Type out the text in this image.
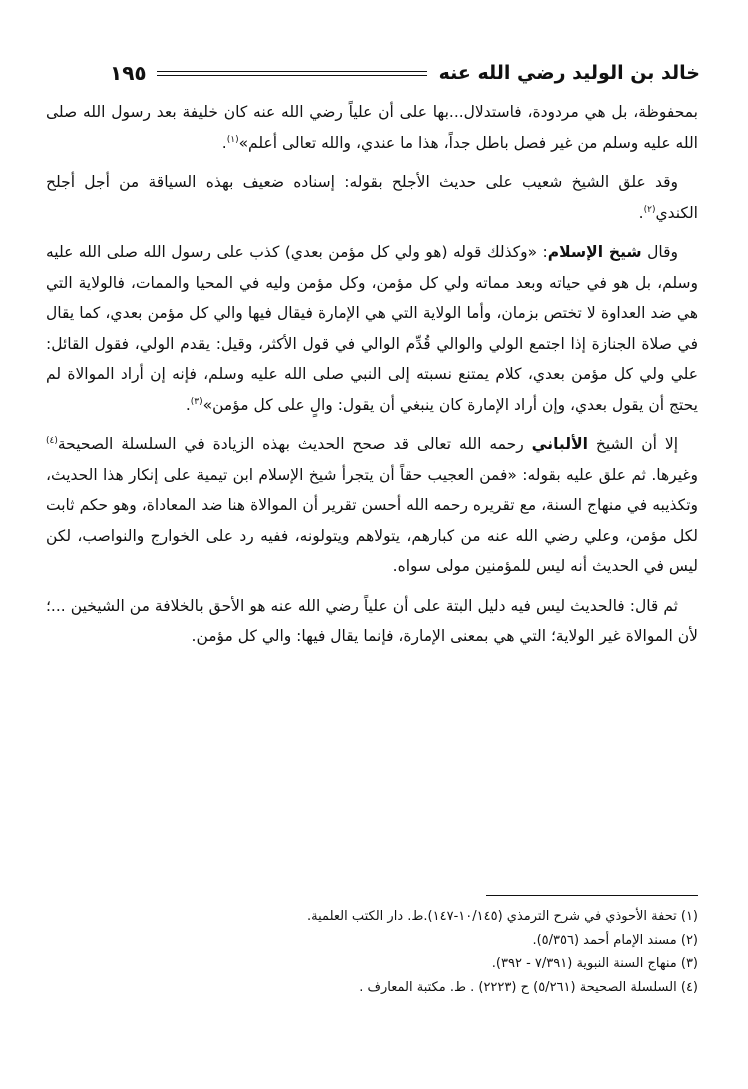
خالد بن الوليد رضي الله عنه
١٩٥

بمحفوظة، بل هي مردودة، فاستدلال...بها على أن علياً رضي الله عنه كان خليفة بعد رسول الله صلى الله عليه وسلم من غير فصل باطل جداً، هذا ما عندي، والله تعالى أعلم»$^{(١)}$.

وقد علق الشيخ شعيب على حديث الأجلح بقوله: إسناده ضعيف بهذه السياقة من أجل أجلح الكندي$^{(٢)}$.

وقال شيخ الإسلام: «وكذلك قوله (هو ولي كل مؤمن بعدي) كذب على رسول الله صلى الله عليه وسلم، بل هو في حياته وبعد مماته ولي كل مؤمن، وكل مؤمن وليه في المحيا والممات، فالولاية التي هي ضد العداوة لا تختص بزمان، وأما الولاية التي هي الإمارة فيقال فيها والي كل مؤمن بعدي، كما يقال في صلاة الجنازة إذا اجتمع الولي والوالي قُدِّم الوالي في قول الأكثر، وقيل: يقدم الولي، فقول القائل: علي ولي كل مؤمن بعدي، كلام يمتنع نسبته إلى النبي صلى الله عليه وسلم، فإنه إن أراد الموالاة لم يحتج أن يقول بعدي، وإن أراد الإمارة كان ينبغي أن يقول: والٍ على كل مؤمن»$^{(٣)}$.

إلا أن الشيخ الألباني رحمه الله تعالى قد صحح الحديث بهذه الزيادة في السلسلة الصحيحة$^{(٤)}$ وغيرها. ثم علق عليه بقوله: «فمن العجيب حقاً أن يتجرأ شيخ الإسلام ابن تيمية على إنكار هذا الحديث، وتكذيبه في منهاج السنة، مع تقريره رحمه الله أحسن تقرير أن الموالاة هنا ضد المعاداة، وهو حكم ثابت لكل مؤمن، وعلي رضي الله عنه من كبارهم، يتولاهم ويتولونه، ففيه رد على الخوارج والنواصب، لكن ليس في الحديث أنه ليس للمؤمنين مولى سواه.

ثم قال: فالحديث ليس فيه دليل البتة على أن علياً رضي الله عنه هو الأحق بالخلافة من الشيخين ...؛ لأن الموالاة غير الولاية؛ التي هي بمعنى الإمارة، فإنما يقال فيها: والي كل مؤمن.

(١) تحفة الأحوذي في شرح الترمذي (١٠/١٤٥-١٤٧).ط. دار الكتب العلمية.
(٢) مسند الإمام أحمد (٥/٣٥٦).
(٣) منهاج السنة النبوية (٧/٣٩١ - ٣٩٢).
(٤) السلسلة الصحيحة (٥/٢٦١) ح (٢٢٢٣) . ط. مكتبة المعارف .
